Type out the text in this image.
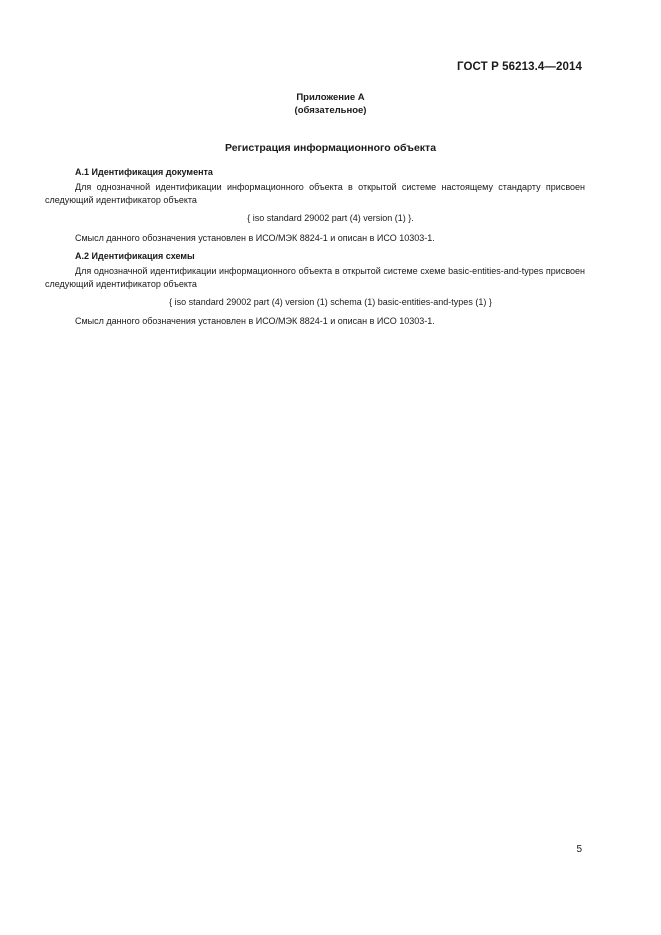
ГОСТ Р 56213.4—2014
Приложение А
(обязательное)
Регистрация информационного объекта
А.1 Идентификация документа

Для однозначной идентификации информационного объекта в открытой системе настоящему стандарту присвоен следующий идентификатор объекта

{ iso standard 29002 part (4) version (1) }.
Смысл данного обозначения установлен в ИСО/МЭК 8824-1 и описан в ИСО 10303-1.
А.2 Идентификация схемы

Для однозначной идентификации информационного объекта в открытой системе схеме basic-entities-and-types присвоен следующий идентификатор объекта

{ iso standard 29002 part (4) version (1) schema (1) basic-entities-and-types (1) }
Смысл данного обозначения установлен в ИСО/МЭК 8824-1 и описан в ИСО 10303-1.
5
